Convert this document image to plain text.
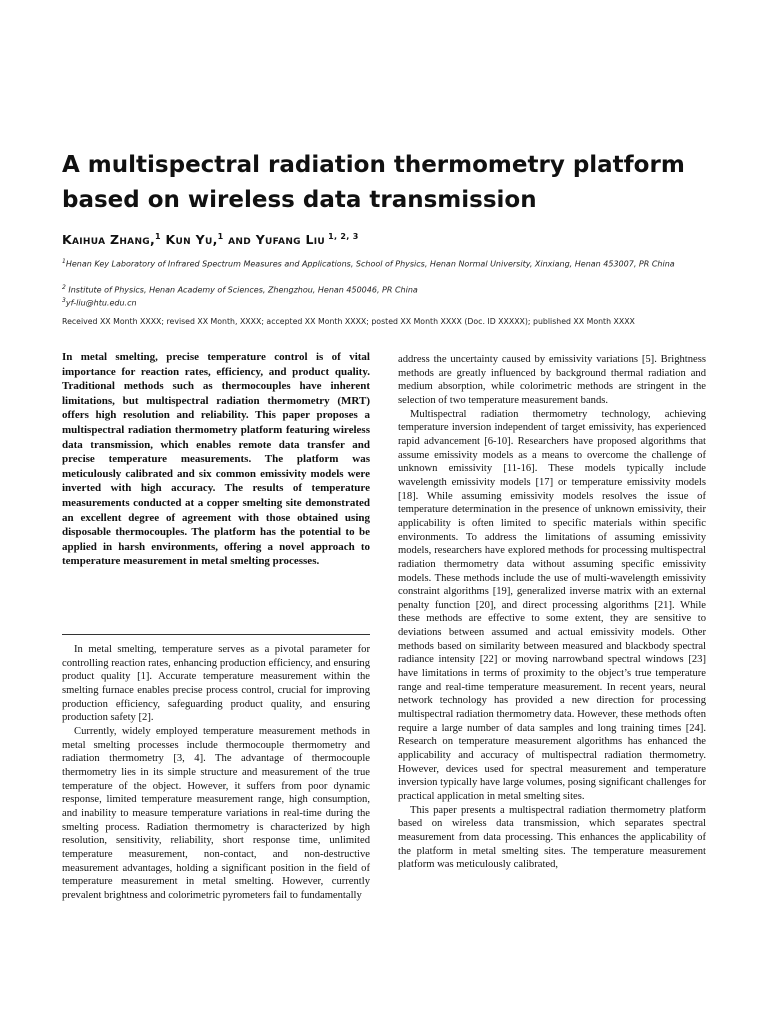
A multispectral radiation thermometry platform
based on wireless data transmission
Kaihua Zhang,$^1$ Kun Yu,$^1$ and Yufang Liu $^{1, 2, 3}$
$^1$Henan Key Laboratory of Infrared Spectrum Measures and Applications, School of Physics, Henan Normal University, Xinxiang, Henan 453007, PR China
$^2$ Institute of Physics, Henan Academy of Sciences, Zhengzhou, Henan 450046, PR China
$^3$yf-liu@htu.edu.cn
Received XX Month XXXX; revised XX Month, XXXX; accepted XX Month XXXX; posted XX Month XXXX (Doc. ID XXXXX); published XX Month XXXX

In metal smelting, precise temperature control is of vital importance for reaction rates, efficiency, and product quality. Traditional methods such as thermocouples have inherent limitations, but multispectral radiation thermometry (MRT) offers high resolution and reliability. This paper proposes a multispectral radiation thermometry platform featuring wireless data transmission, which enables remote data transfer and precise temperature measurements. The platform was meticulously calibrated and six common emissivity models were inverted with high accuracy. The results of temperature measurements conducted at a copper smelting site demonstrated an excellent degree of agreement with those obtained using disposable thermocouples. The platform has the potential to be applied in harsh environments, offering a novel approach to temperature measurement in metal smelting processes.

In metal smelting, temperature serves as a pivotal parameter for controlling reaction rates, enhancing production efficiency, and ensuring product quality [1]. Accurate temperature measurement within the smelting furnace enables precise process control, crucial for improving production efficiency, safeguarding product quality, and ensuring production safety [2].

Currently, widely employed temperature measurement methods in metal smelting processes include thermocouple thermometry and radiation thermometry [3, 4]. The advantage of thermocouple thermometry lies in its simple structure and measurement of the true temperature of the object. However, it suffers from poor dynamic response, limited temperature measurement range, high consumption, and inability to measure temperature variations in real-time during the smelting process. Radiation thermometry is characterized by high resolution, sensitivity, reliability, short response time, unlimited temperature measurement, non-contact, and non-destructive measurement advantages, holding a significant position in the field of temperature measurement in metal smelting. However, currently prevalent brightness and colorimetric pyrometers fail to fundamentally

address the uncertainty caused by emissivity variations [5]. Brightness methods are greatly influenced by background thermal radiation and medium absorption, while colorimetric methods are stringent in the selection of two temperature measurement bands.

Multispectral radiation thermometry technology, achieving temperature inversion independent of target emissivity, has experienced rapid advancement [6-10]. Researchers have proposed algorithms that assume emissivity models as a means to overcome the challenge of unknown emissivity [11-16]. These models typically include wavelength emissivity models [17] or temperature emissivity models [18]. While assuming emissivity models resolves the issue of temperature determination in the presence of unknown emissivity, their applicability is often limited to specific materials within specific environments. To address the limitations of assuming emissivity models, researchers have explored methods for processing multispectral radiation thermometry data without assuming specific emissivity models. These methods include the use of multi-wavelength emissivity constraint algorithms [19], generalized inverse matrix with an external penalty function [20], and direct processing algorithms [21]. While these methods are effective to some extent, they are sensitive to deviations between assumed and actual emissivity models. Other methods based on similarity between measured and blackbody spectral radiance intensity [22] or moving narrowband spectral windows [23] have limitations in terms of proximity to the object’s true temperature range and real-time temperature measurement. In recent years, neural network technology has provided a new direction for processing multispectral radiation thermometry data. However, these methods often require a large number of data samples and long training times [24]. Research on temperature measurement algorithms has enhanced the applicability and accuracy of multispectral radiation thermometry. However, devices used for spectral measurement and temperature inversion typically have large volumes, posing significant challenges for practical application in metal smelting sites.

This paper presents a multispectral radiation thermometry platform based on wireless data transmission, which separates spectral measurement from data processing. This enhances the applicability of the platform in metal smelting sites. The temperature measurement platform was meticulously calibrated,
